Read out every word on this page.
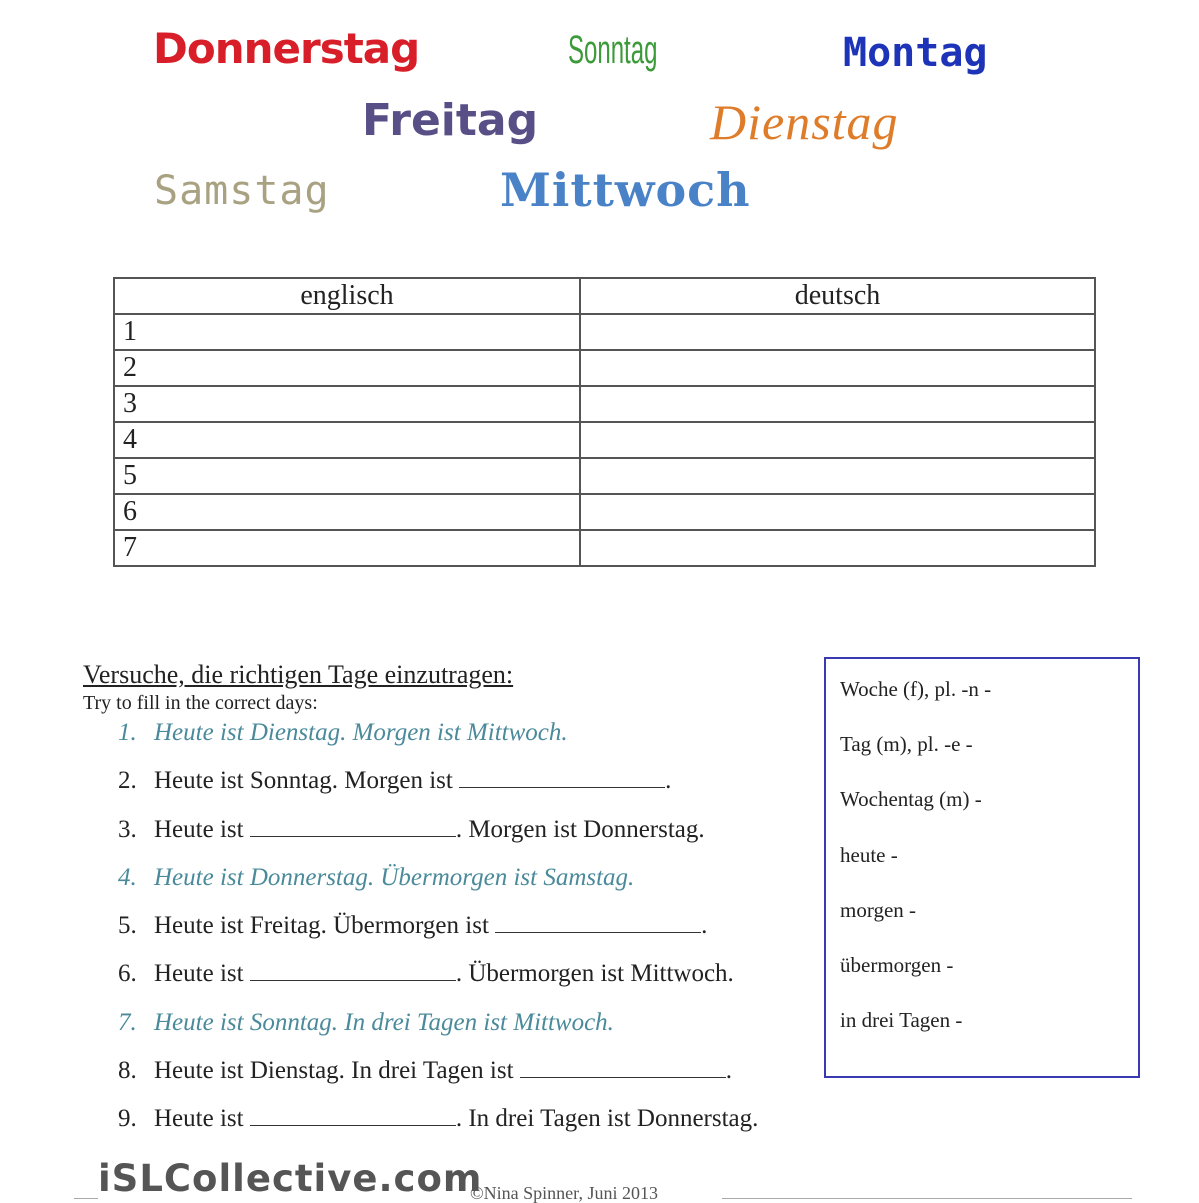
Donnerstag	Sonntag	Montag
Freitag	Dienstag
Samstag	Mittwoch
englisch	deutsch
1	
2	
3	
4	
5	
6	
7	
Versuche, die richtigen Tage einzutragen:
Try to fill in the correct days:
1. Heute ist Dienstag. Morgen ist Mittwoch.
2. Heute ist Sonntag. Morgen ist	.
3. Heute ist	. Morgen ist Donnerstag.
4. Heute ist Donnerstag. Übermorgen ist Samstag.
5. Heute ist Freitag. Übermorgen ist	.
6. Heute ist	. Übermorgen ist Mittwoch.
7. Heute ist Sonntag. In drei Tagen ist Mittwoch.
8. Heute ist Dienstag. In drei Tagen ist	.
9. Heute ist	. In drei Tagen ist Donnerstag.
Woche (f), pl. -n -
Tag (m), pl. -e -
Wochentag (m) -
heute -
morgen -
übermorgen -
in drei Tagen -
iSLCollective.com
©Nina Spinner, Juni 2013
